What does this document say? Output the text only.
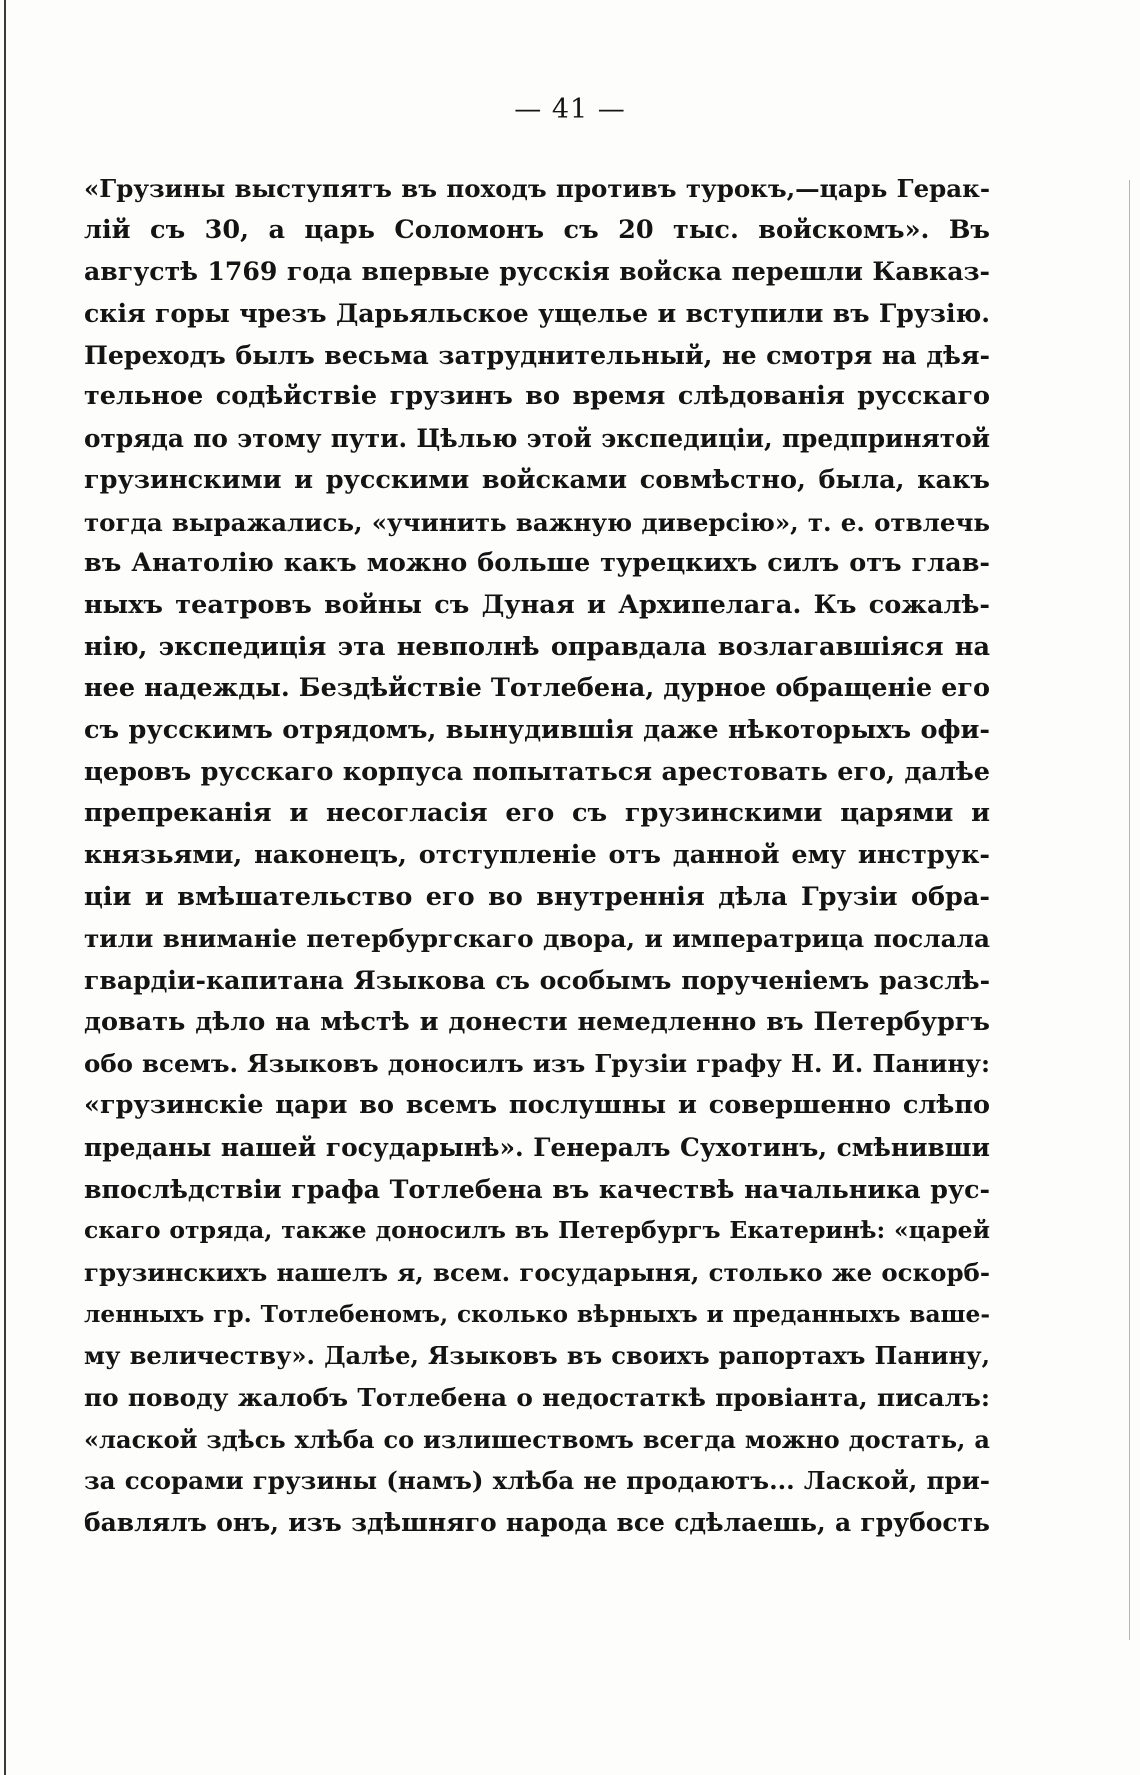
— 41 —
«Грузины выступятъ въ походъ противъ турокъ,—царь Герак-
лій съ 30, а царь Соломонъ съ 20 тыс. войскомъ». Въ
августѣ 1769 года впервые русскія войска перешли Кавказ-
скія горы чрезъ Дарьяльское ущелье и вступили въ Грузію.
Переходъ былъ весьма затруднительный, не смотря на дѣя-
тельное содѣйствіе грузинъ во время слѣдованія русскаго
отряда по этому пути. Цѣлью этой экспедиціи, предпринятой
грузинскими и русскими войсками совмѣстно, была, какъ
тогда выражались, «учинить важную диверсію», т. е. отвлечь
въ Анатолію какъ можно больше турецкихъ силъ отъ глав-
ныхъ театровъ войны съ Дуная и Архипелага. Къ сожалѣ-
нію, экспедиція эта невполнѣ оправдала возлагавшіяся на
нее надежды. Бездѣйствіе Тотлебена, дурное обращеніе его
съ русскимъ отрядомъ, вынудившія даже нѣкоторыхъ офи-
церовъ русскаго корпуса попытаться арестовать его, далѣе
препреканія и несогласія его съ грузинскими царями и
князьями, наконецъ, отступленіе отъ данной ему инструк-
ціи и вмѣшательство его во внутреннія дѣла Грузіи обра-
тили вниманіе петербургскаго двора, и императрица послала
гвардіи-капитана Языкова съ особымъ порученіемъ разслѣ-
довать дѣло на мѣстѣ и донести немедленно въ Петербургъ
обо всемъ. Языковъ доносилъ изъ Грузіи графу Н. И. Панину:
«грузинскіе цари во всемъ послушны и совершенно слѣпо
преданы нашей государынѣ». Генералъ Сухотинъ, смѣнивши
впослѣдствіи графа Тотлебена въ качествѣ начальника рус-
скаго отряда, также доносилъ въ Петербургъ Екатеринѣ: «царей
грузинскихъ нашелъ я, всем. государыня, столько же оскорб-
ленныхъ гр. Тотлебеномъ, сколько вѣрныхъ и преданныхъ ваше-
му величеству». Далѣе, Языковъ въ своихъ рапортахъ Панину,
по поводу жалобъ Тотлебена о недостаткѣ провіанта, писалъ:
«лаской здѣсь хлѣба со излишествомъ всегда можно достать, а
за ссорами грузины (намъ) хлѣба не продаютъ... Лаской, при-
бавлялъ онъ, изъ здѣшняго народа все сдѣлаешь, а грубость
